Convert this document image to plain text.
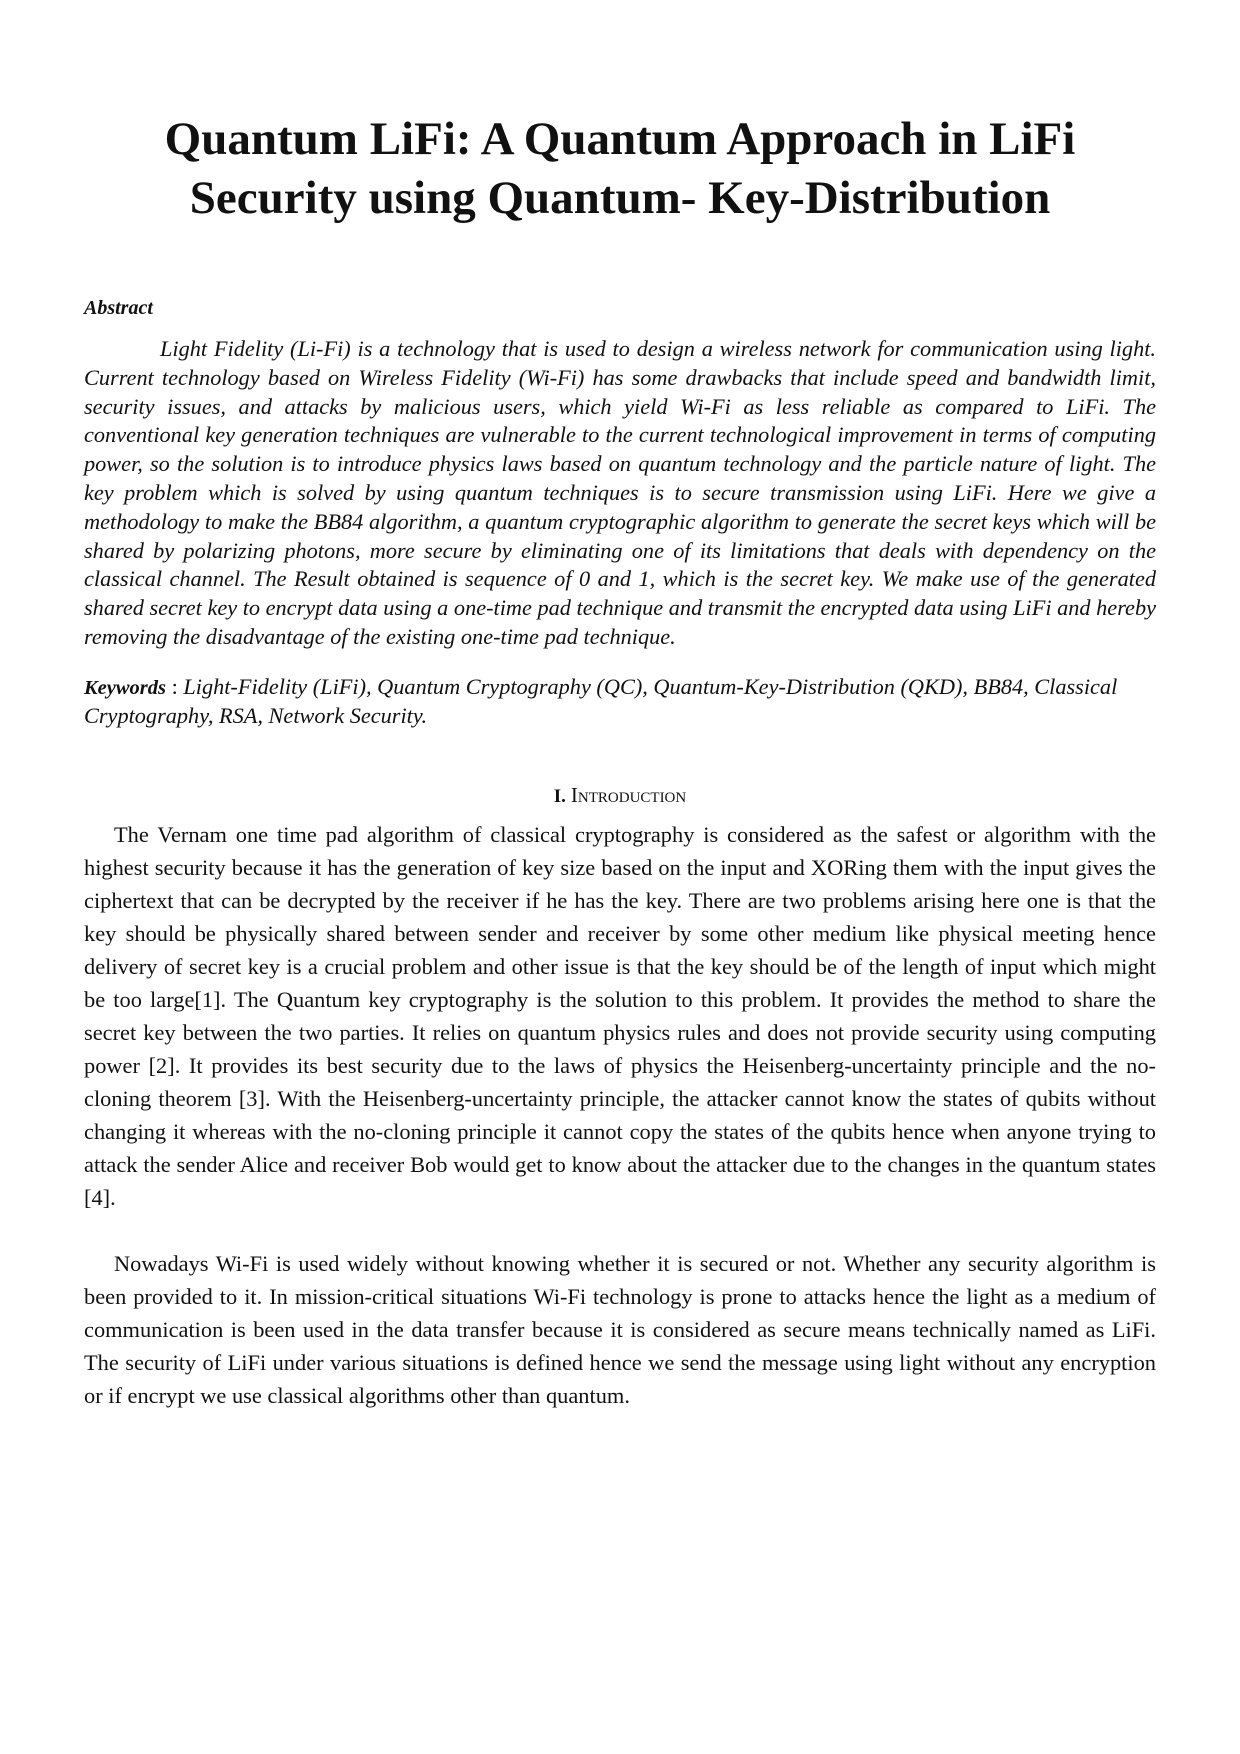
Quantum LiFi: A Quantum Approach in LiFi Security using Quantum- Key-Distribution
Abstract
Light Fidelity (Li-Fi) is a technology that is used to design a wireless network for communication using light. Current technology based on Wireless Fidelity (Wi-Fi) has some drawbacks that include speed and bandwidth limit, security issues, and attacks by malicious users, which yield Wi-Fi as less reliable as compared to LiFi. The conventional key generation techniques are vulnerable to the current technological improvement in terms of computing power, so the solution is to introduce physics laws based on quantum technology and the particle nature of light. The key problem which is solved by using quantum techniques is to secure transmission using LiFi. Here we give a methodology to make the BB84 algorithm, a quantum cryptographic algorithm to generate the secret keys which will be shared by polarizing photons, more secure by eliminating one of its limitations that deals with dependency on the classical channel. The Result obtained is sequence of 0 and 1, which is the secret key. We make use of the generated shared secret key to encrypt data using a one-time pad technique and transmit the encrypted data using LiFi and hereby removing the disadvantage of the existing one-time pad technique.
Keywords : Light-Fidelity (LiFi), Quantum Cryptography (QC), Quantum-Key-Distribution (QKD), BB84, Classical Cryptography, RSA, Network Security.
I. Introduction

The Vernam one time pad algorithm of classical cryptography is considered as the safest or algorithm with the highest security because it has the generation of key size based on the input and XORing them with the input gives the ciphertext that can be decrypted by the receiver if he has the key. There are two problems arising here one is that the key should be physically shared between sender and receiver by some other medium like physical meeting hence delivery of secret key is a crucial problem and other issue is that the key should be of the length of input which might be too large[1]. The Quantum key cryptography is the solution to this problem. It provides the method to share the secret key between the two parties. It relies on quantum physics rules and does not provide security using computing power [2]. It provides its best security due to the laws of physics the Heisenberg-uncertainty principle and the no-cloning theorem [3]. With the Heisenberg-uncertainty principle, the attacker cannot know the states of qubits without changing it whereas with the no-cloning principle it cannot copy the states of the qubits hence when anyone trying to attack the sender Alice and receiver Bob would get to know about the attacker due to the changes in the quantum states [4].

Nowadays Wi-Fi is used widely without knowing whether it is secured or not. Whether any security algorithm is been provided to it. In mission-critical situations Wi-Fi technology is prone to attacks hence the light as a medium of communication is been used in the data transfer because it is considered as secure means technically named as LiFi. The security of LiFi under various situations is defined hence we send the message using light without any encryption or if encrypt we use classical algorithms other than quantum.
